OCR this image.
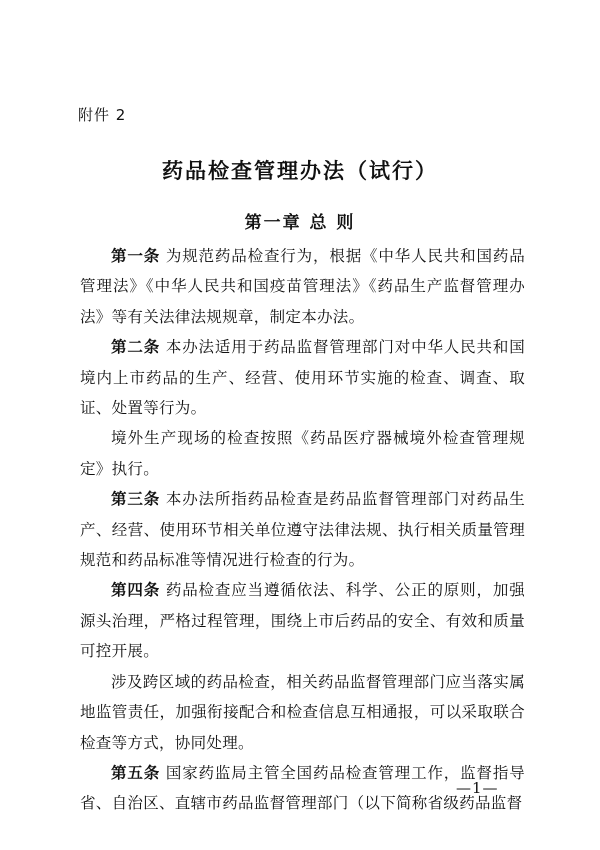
附件 2
药品检查管理办法（试行）
第一章 总 则

第一条 为规范药品检查行为，根据《中华人民共和国药品管理法》《中华人民共和国疫苗管理法》《药品生产监督管理办法》等有关法律法规规章，制定本办法。

第二条 本办法适用于药品监督管理部门对中华人民共和国境内上市药品的生产、经营、使用环节实施的检查、调查、取证、处置等行为。

境外生产现场的检查按照《药品医疗器械境外检查管理规定》执行。

第三条 本办法所指药品检查是药品监督管理部门对药品生产、经营、使用环节相关单位遵守法律法规、执行相关质量管理规范和药品标准等情况进行检查的行为。

第四条 药品检查应当遵循依法、科学、公正的原则，加强源头治理，严格过程管理，围绕上市后药品的安全、有效和质量可控开展。

涉及跨区域的药品检查，相关药品监督管理部门应当落实属地监管责任，加强衔接配合和检查信息互相通报，可以采取联合检查等方式，协同处理。

第五条 国家药监局主管全国药品检查管理工作，监督指导省、自治区、直辖市药品监督管理部门（以下简称省级药品监督

—1—
